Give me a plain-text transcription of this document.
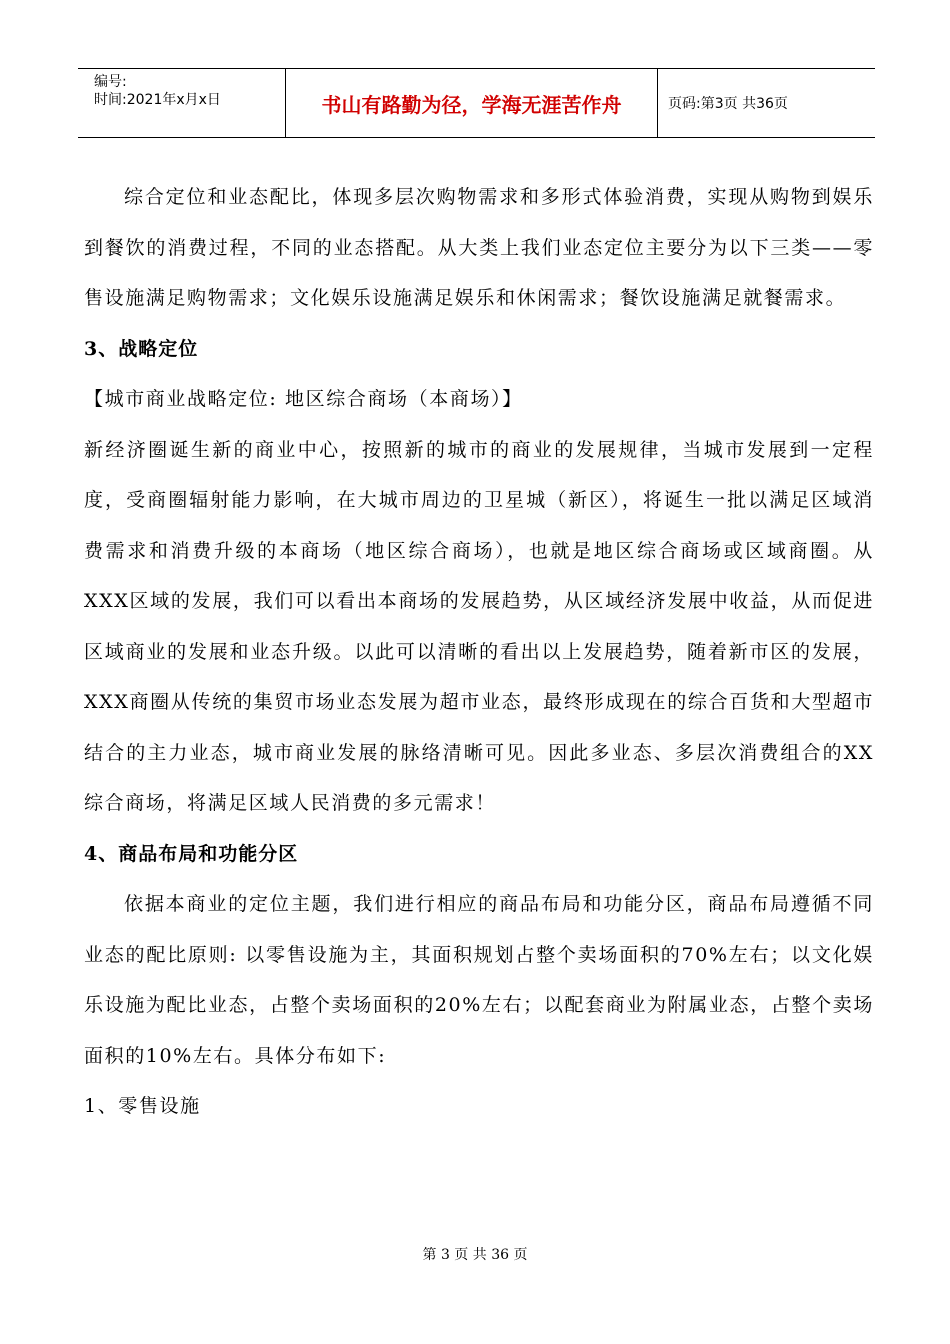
编号:
时间:2021年x月x日	书山有路勤为径，学海无涯苦作舟	页码:第3页 共36页

综合定位和业态配比，体现多层次购物需求和多形式体验消费，实现从购物到娱乐到餐饮的消费过程，不同的业态搭配。从大类上我们业态定位主要分为以下三类——零售设施满足购物需求；文化娱乐设施满足娱乐和休闲需求；餐饮设施满足就餐需求。

3、战略定位

【城市商业战略定位: 地区综合商场（本商场）】

新经济圈诞生新的商业中心，按照新的城市的商业的发展规律，当城市发展到一定程度，受商圈辐射能力影响，在大城市周边的卫星城（新区），将诞生一批以满足区域消费需求和消费升级的本商场（地区综合商场），也就是地区综合商场或区域商圈。从XXX区域的发展，我们可以看出本商场的发展趋势，从区域经济发展中收益，从而促进区域商业的发展和业态升级。以此可以清晰的看出以上发展趋势，随着新市区的发展，XXX商圈从传统的集贸市场业态发展为超市业态，最终形成现在的综合百货和大型超市结合的主力业态，城市商业发展的脉络清晰可见。因此多业态、多层次消费组合的XX综合商场，将满足区域人民消费的多元需求！

4、商品布局和功能分区

依据本商业的定位主题，我们进行相应的商品布局和功能分区，商品布局遵循不同业态的配比原则: 以零售设施为主，其面积规划占整个卖场面积的70%左右；以文化娱乐设施为配比业态，占整个卖场面积的20%左右；以配套商业为附属业态，占整个卖场面积的10%左右。具体分布如下:

1、零售设施

第 3 页 共 36 页
